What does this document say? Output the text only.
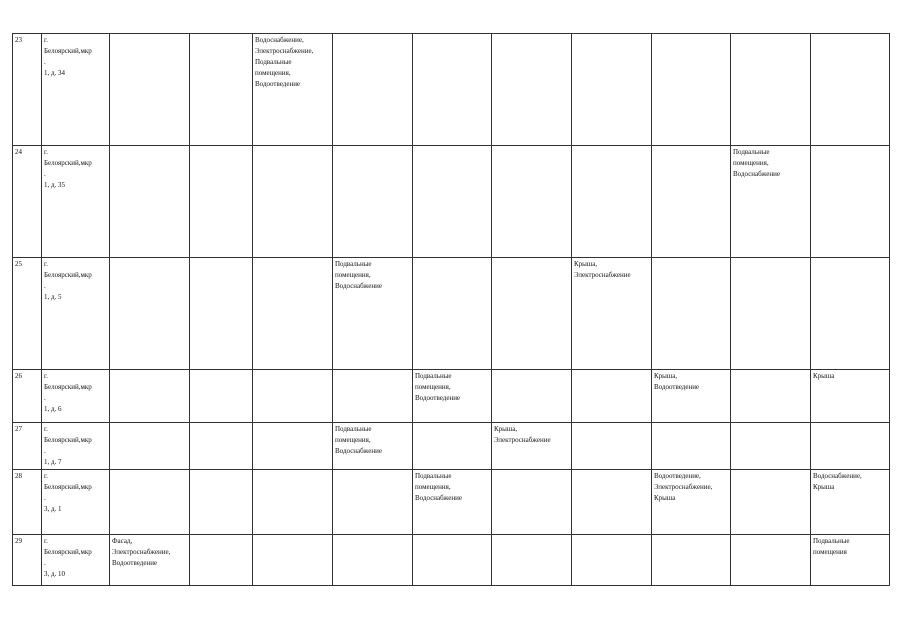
23	г.
Белоярский,мкр
.
1, д. 34			Водоснабжение,
Электроснабжение,
Подвальные
помещения,
Водоотведение							

24	г.
Белоярский,мкр
.
1, д. 35									Подвальные
помещения,
Водоснабжение	

25	г.
Белоярский,мкр
.
1, д. 5				Подвальные
помещения,
Водоснабжение			Крыша,
Электроснабжение			

26	г.
Белоярский,мкр
.
1, д. 6					Подвальные
помещения,
Водоотведение			Крыша,
Водоотведение		Крыша

27	г.
Белоярский,мкр
.
1, д. 7				Подвальные
помещения,
Водоснабжение		Крыша,
Электроснабжение				

28	г.
Белоярский,мкр
.
3, д. 1					Подвальные
помещения,
Водоснабжение			Водоотведение,
Электроснабжение,
Крыша		Водоснабжение,
Крыша

29	г.
Белоярский,мкр
.
3, д. 10	Фасад,
Электроснабжение,
Водоотведение									Подвальные
помещения
